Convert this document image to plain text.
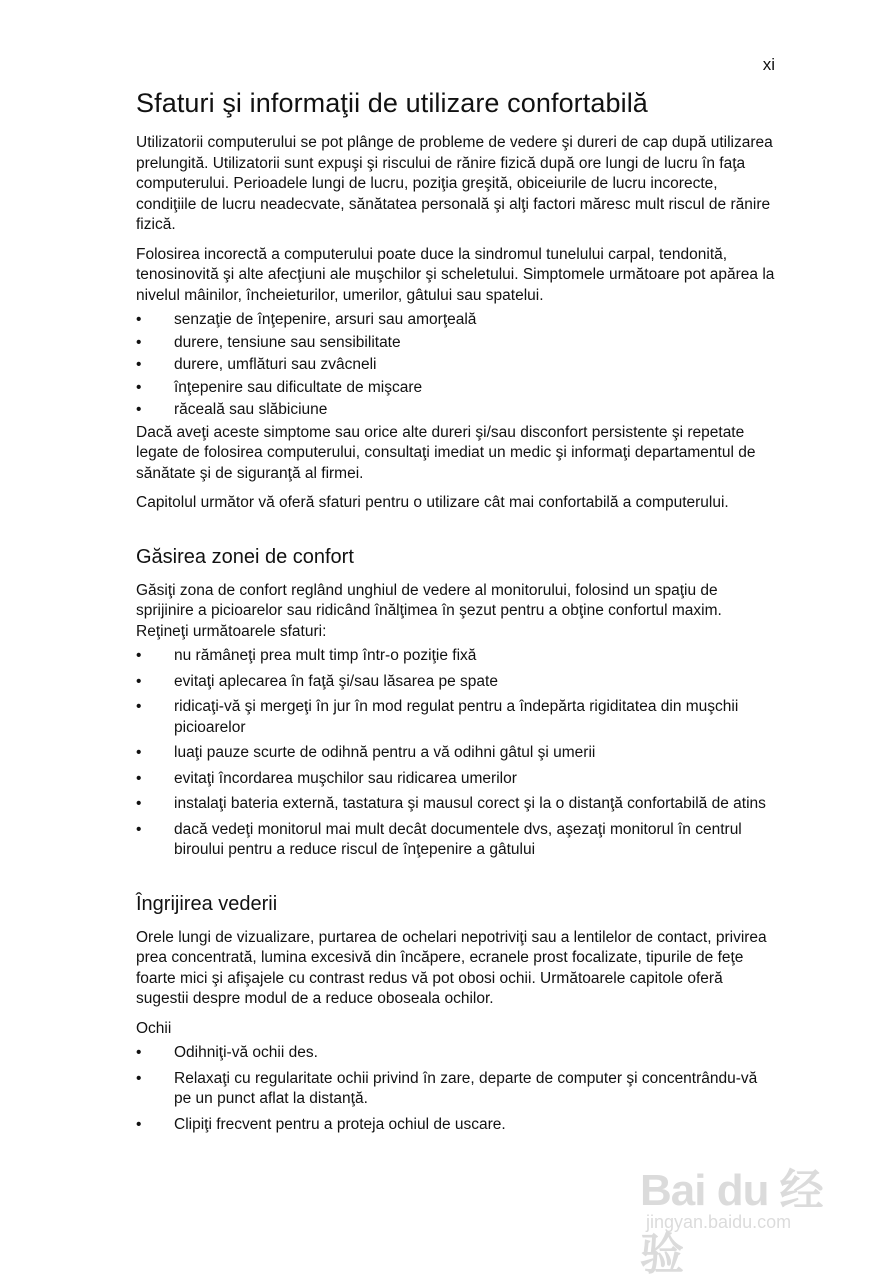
xi
Sfaturi şi informaţii de utilizare confortabilă

Utilizatorii computerului se pot plânge de probleme de vedere şi dureri de cap după utilizarea prelungită. Utilizatorii sunt expuşi şi riscului de rănire fizică după ore lungi de lucru în faţa computerului. Perioadele lungi de lucru, poziţia greşită, obiceiurile de lucru incorecte, condiţiile de lucru neadecvate, sănătatea personală şi alţi factori măresc mult riscul de rănire fizică.

Folosirea incorectă a computerului poate duce la sindromul tunelului carpal, tendonită, tenosinovită şi alte afecţiuni ale muşchilor şi scheletului. Simptomele următoare pot apărea la nivelul mâinilor, încheieturilor, umerilor, gâtului sau spatelui.

•	senzaţie de înţepenire, arsuri sau amorţeală
•	durere, tensiune sau sensibilitate
•	durere, umflături sau zvâcneli
•	înţepenire sau dificultate de mişcare
•	răceală sau slăbiciune

Dacă aveţi aceste simptome sau orice alte dureri şi/sau disconfort persistente şi repetate legate de folosirea computerului, consultaţi imediat un medic şi informaţi departamentul de sănătate şi de siguranţă al firmei.

Capitolul următor vă oferă sfaturi pentru o utilizare cât mai confortabilă a computerului.

Găsirea zonei de confort

Găsiţi zona de confort reglând unghiul de vedere al monitorului, folosind un spaţiu de sprijinire a picioarelor sau ridicând înălţimea în şezut pentru a obţine confortul maxim. Reţineţi următoarele sfaturi:

•	nu rămâneţi prea mult timp într-o poziţie fixă
•	evitaţi aplecarea în faţă şi/sau lăsarea pe spate
•	ridicaţi-vă şi mergeţi în jur în mod regulat pentru a îndepărta rigiditatea din muşchii picioarelor
•	luaţi pauze scurte de odihnă pentru a vă odihni gâtul şi umerii
•	evitaţi încordarea muşchilor sau ridicarea umerilor
•	instalaţi bateria externă, tastatura şi mausul corect şi la o distanţă confortabilă de atins
•	dacă vedeţi monitorul mai mult decât documentele dvs, aşezaţi monitorul în centrul biroului pentru a reduce riscul de înţepenire a gâtului
Îngrijirea vederii

Orele lungi de vizualizare, purtarea de ochelari nepotriviţi sau a lentilelor de contact, privirea prea concentrată, lumina excesivă din încăpere, ecranele prost focalizate, tipurile de feţe foarte mici şi afişajele cu contrast redus vă pot obosi ochii. Următoarele capitole oferă sugestii despre modul de a reduce oboseala ochilor.

Ochii

•	Odihniţi-vă ochii des.
•	Relaxaţi cu regularitate ochii privind în zare, departe de computer şi concentrându-vă pe un punct aflat la distanţă.
•	Clipiţi frecvent pentru a proteja ochiul de uscare.
Bai du 经验
jingyan.baidu.com
